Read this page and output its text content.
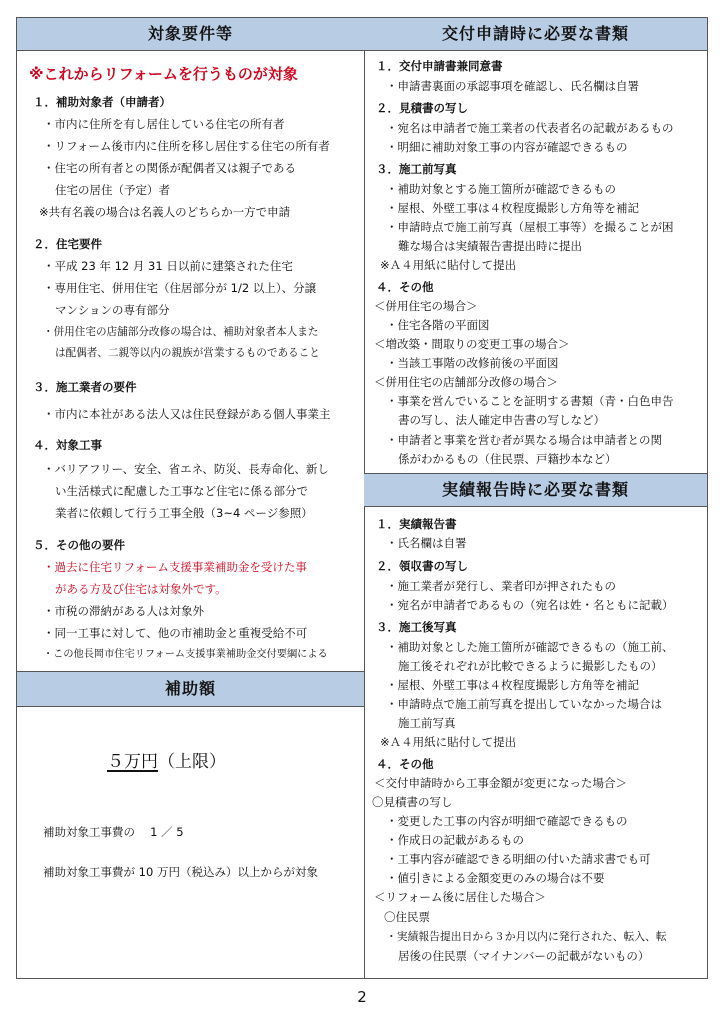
対象要件等
※これからリフォームを行うものが対象
１．補助対象者（申請者）
・市内に住所を有し居住している住宅の所有者
・リフォーム後市内に住所を移し居住する住宅の所有者
・住宅の所有者との関係が配偶者又は親子である
住宅の居住（予定）者
※共有名義の場合は名義人のどちらか一方で申請
２．住宅要件
・平成 23 年 12 月 31 日以前に建築された住宅
・専用住宅、併用住宅（住居部分が 1/2 以上）、分譲
マンションの専有部分
・併用住宅の店舗部分改修の場合は、補助対象者本人また
は配偶者、二親等以内の親族が営業するものであること
３．施工業者の要件
・市内に本社がある法人又は住民登録がある個人事業主
４．対象工事
・バリアフリー、安全、省エネ、防災、長寿命化、新し
い生活様式に配慮した工事など住宅に係る部分で
業者に依頼して行う工事全般（3~4 ページ参照）
５．その他の要件
・過去に住宅リフォーム支援事業補助金を受けた事
がある方及び住宅は対象外です。
・市税の滞納がある人は対象外
・同一工事に対して、他の市補助金と重複受給不可
・この他長岡市住宅リフォーム支援事業補助金交付要綱による
補助額
５万円（上限）
補助対象工事費の　 1 ／ 5
補助対象工事費が 10 万円（税込み）以上からが対象
交付申請時に必要な書類
１．交付申請書兼同意書
・申請書裏面の承認事項を確認し、氏名欄は自署
２．見積書の写し
・宛名は申請者で施工業者の代表者名の記載があるもの
・明細に補助対象工事の内容が確認できるもの
３．施工前写真
・補助対象とする施工箇所が確認できるもの
・屋根、外壁工事は４枚程度撮影し方角等を補記
・申請時点で施工前写真（屋根工事等）を撮ることが困
難な場合は実績報告書提出時に提出
※Ａ４用紙に貼付して提出
４．その他
＜併用住宅の場合＞
・住宅各階の平面図
＜増改築・間取りの変更工事の場合＞
・当該工事階の改修前後の平面図
＜併用住宅の店舗部分改修の場合＞
・事業を営んでいることを証明する書類（青・白色申告
書の写し、法人確定申告書の写しなど）
・申請者と事業を営む者が異なる場合は申請者との関
係がわかるもの（住民票、戸籍抄本など）
実績報告時に必要な書類
１．実績報告書
・氏名欄は自署
２．領収書の写し
・施工業者が発行し、業者印が押されたもの
・宛名が申請者であるもの（宛名は姓・名ともに記載）
３．施工後写真
・補助対象とした施工箇所が確認できるもの（施工前、
施工後それぞれが比較できるように撮影したもの）
・屋根、外壁工事は４枚程度撮影し方角等を補記
・申請時点で施工前写真を提出していなかった場合は
施工前写真
※Ａ４用紙に貼付して提出
４．その他
＜交付申請時から工事金額が変更になった場合＞
〇見積書の写し
・変更した工事の内容が明細で確認できるもの
・作成日の記載があるもの
・工事内容が確認できる明細の付いた請求書でも可
・値引きによる金額変更のみの場合は不要
＜リフォーム後に居住した場合＞
〇住民票
・実績報告提出日から３か月以内に発行された、転入、転
居後の住民票（マイナンバーの記載がないもの）
2
